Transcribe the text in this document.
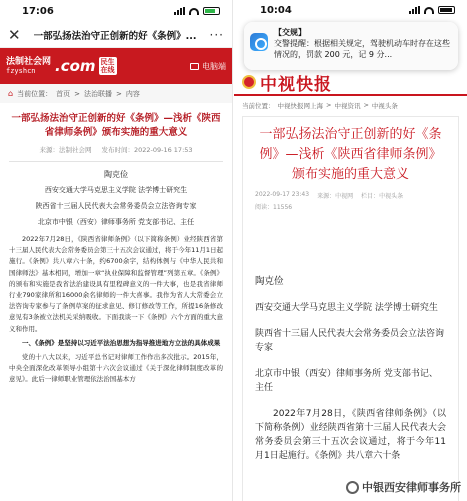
17:06
✕ 一部弘扬法治守正创新的好《条例》... ···
法制社会网
fzyshcn	.com 民生
在线	电脑端
⌂ 当前位置： 首页 > 法治联播 > 内容
一部弘扬法治守正创新的好《条例》—浅析《陕西省律师条例》颁布实施的重大意义
来源：法制社会网 发布时间：2022-09-16 17:53
陶克俭
西安交通大学马克思主义学院 法学博士研究生
陕西省十三届人民代表大会常务委员会立法咨询专家
北京市中银（西安）律师事务所 党支部书记、主任

2022年7月28日，《陕西省律师条例》（以下简称条例）业经陕西省第十三届人民代表大会常务委员会第三十五次会议通过，将于今年11月1日起施行。《条例》共八章六十条，约6700余字，结构体例与《中华人民共和国律师法》基本相同，增加一章“执业保障和监督管理”列第五章。《条例》的颁布和实施是我省法治建设具有里程碑意义的一件大事，也是我省律师行业790家律所和16000余名律师的一件大喜事。我作为省人大常委会立法咨询专家参与了条例草案的征求意见、修订修改等工作，所提16条修改意见有3条被立法机关采纳吸收。下面我谈一下《条例》六个方面的重大意义和作用。

一、《条例》是坚持以习近平法治思想为指导推进地方立法的具体成果

党的十八大以来，习近平总书记对律师工作作出多次批示。2015年，中央全面深化改革领导小组第十六次会议通过《关于深化律师制度改革的意见》。此后一律师职业管理依法治国基本方

10:04
【交规】
交警提醒：根据相关规定，驾驶机动车时存在这些情况的，罚款 200 元，记 9 分...
中视快报
当前位置： 中视快报网上海 > 中视资讯 > 中视头条
一部弘扬法治守正创新的好《条例》—浅析《陕西省律师条例》颁布实施的重大意义
2022-09-17 23:43 来源：中视网 栏目：中视头条
阅读：11556
陶克俭
西安交通大学马克思主义学院 法学博士研究生
陕西省十三届人民代表大会常务委员会立法咨询专家
北京市中银（西安）律师事务所 党支部书记、主任

2022年7月28日，《陕西省律师条例》（以下简称条例）业经陕西省第十三届人民代表大会常务委员会第三十五次会议通过，将于今年11月1日起施行。《条例》共八章六十条

中银西安律师事务所
